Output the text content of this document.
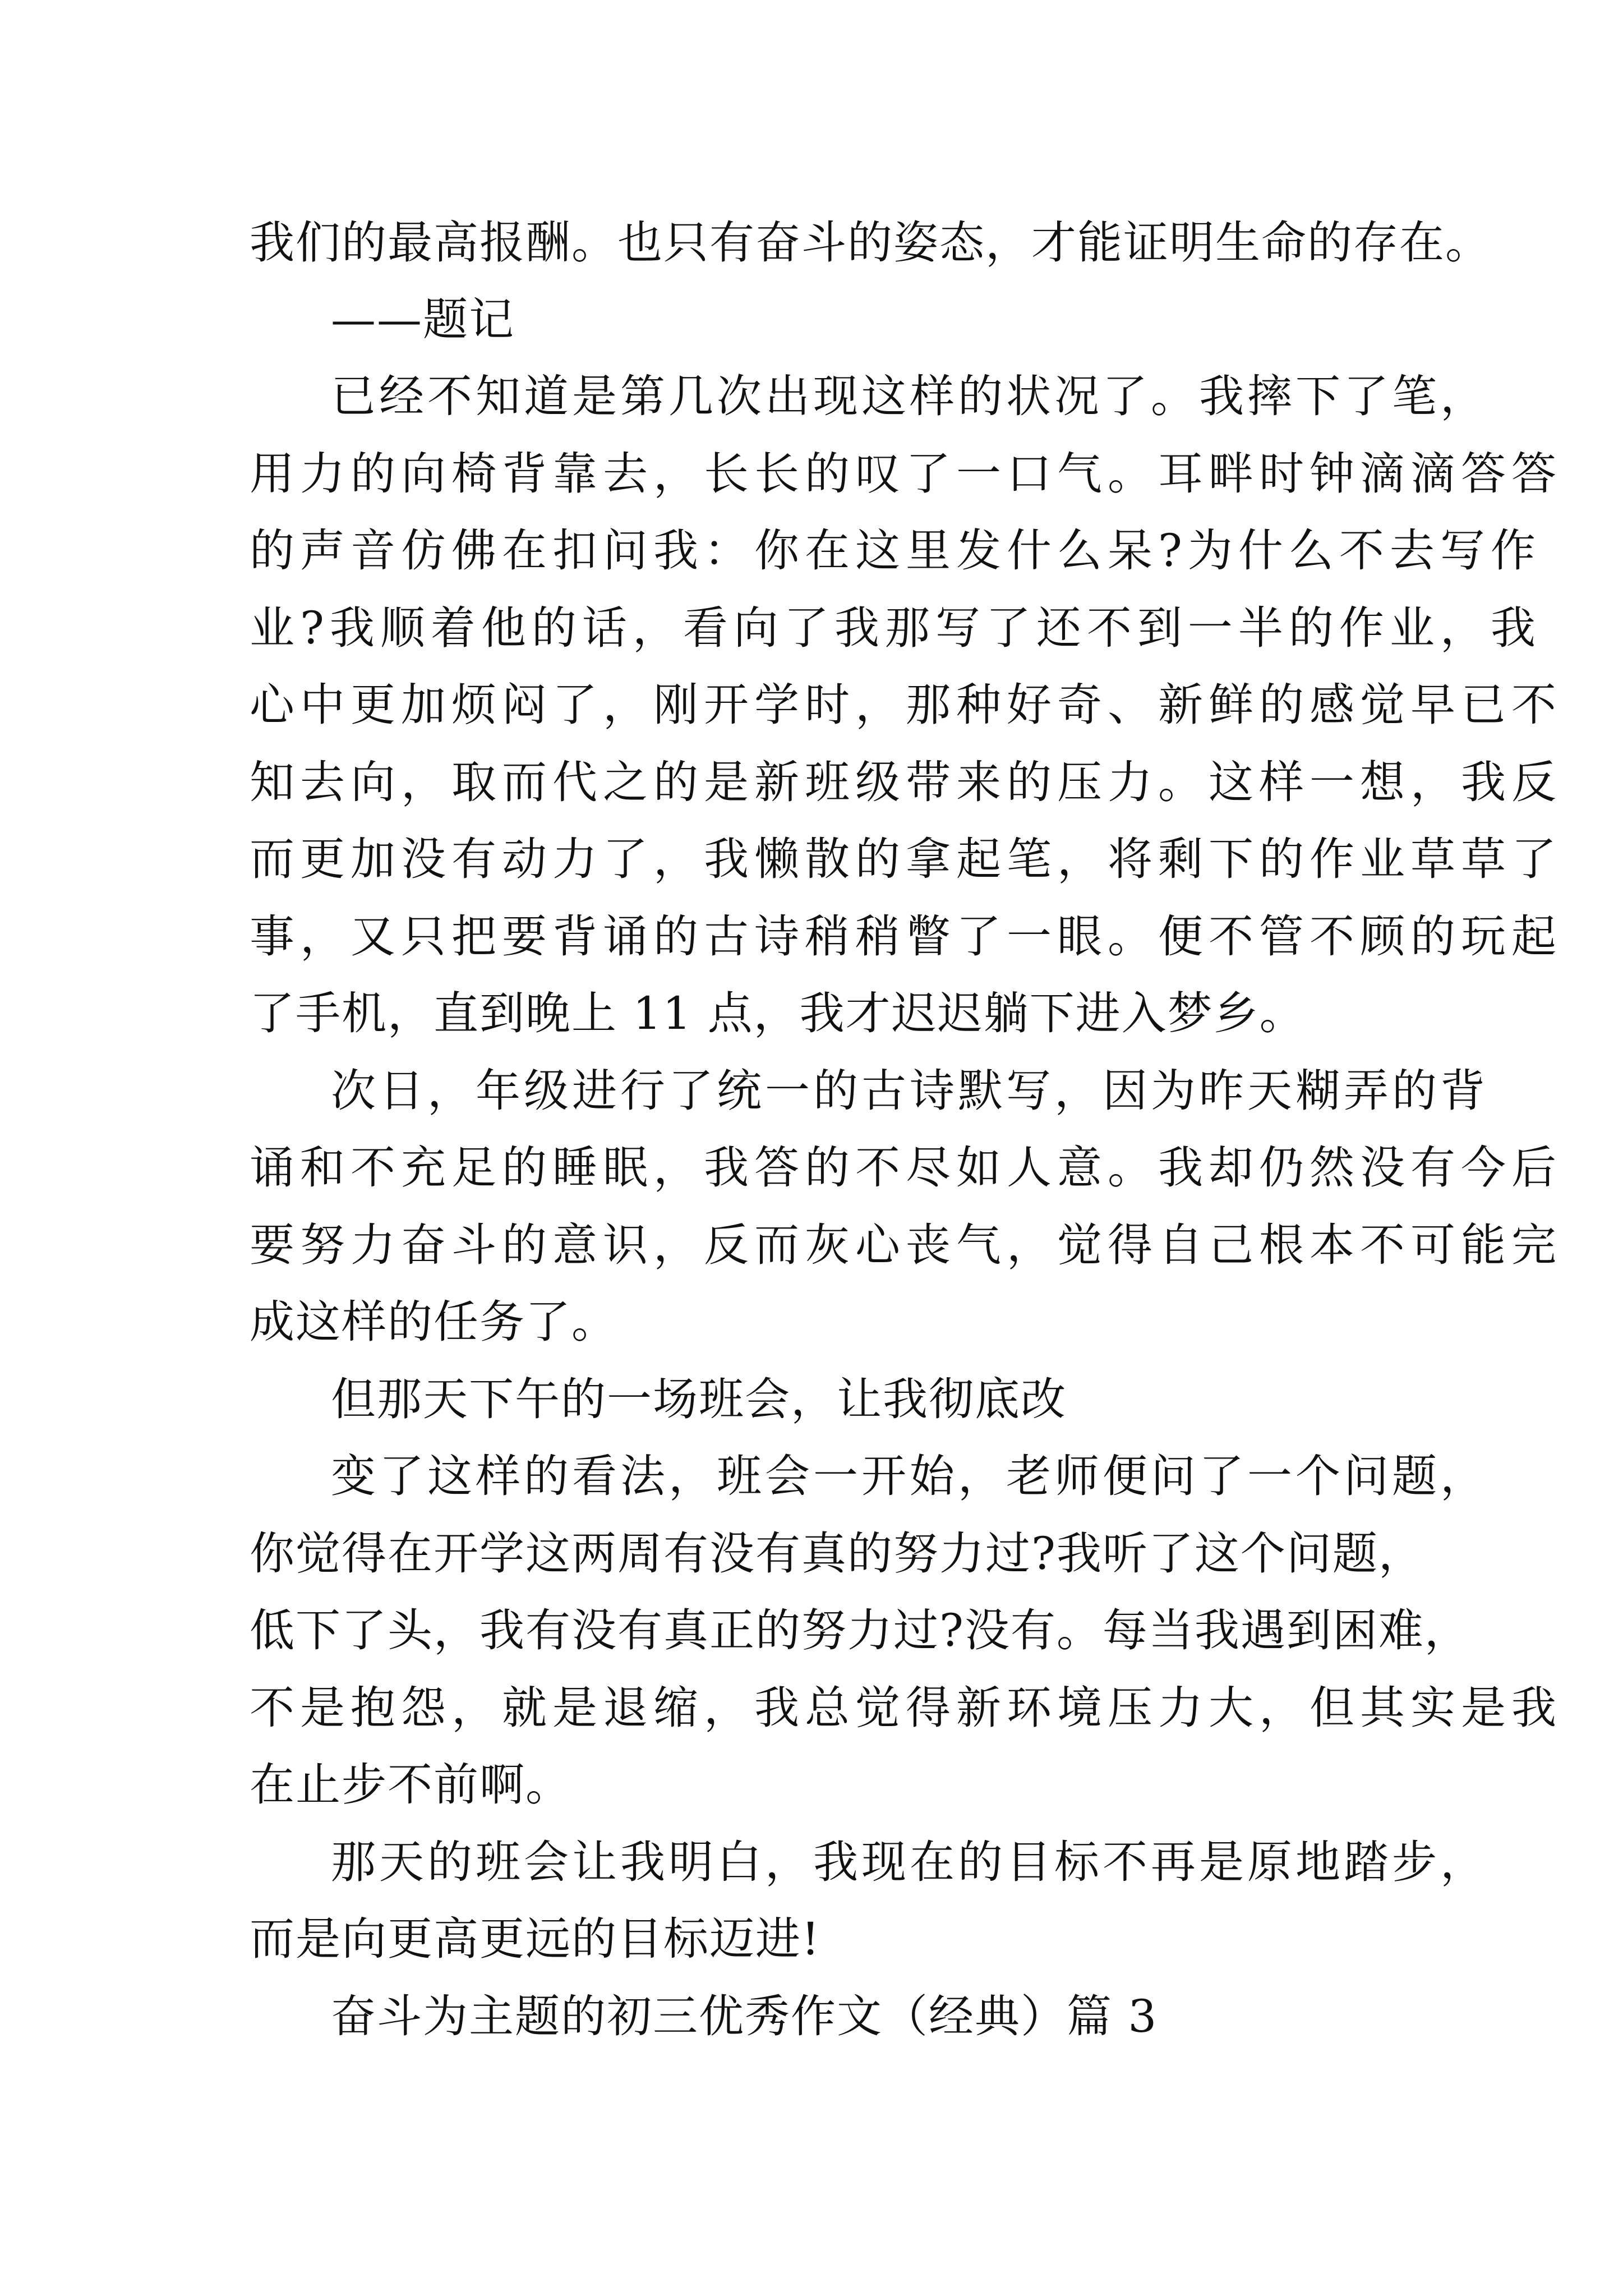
我们的最高报酬。也只有奋斗的姿态，才能证明生命的存在。
——题记
已经不知道是第几次出现这样的状况了。我摔下了笔，
用力的向椅背靠去，长长的叹了一口气。耳畔时钟滴滴答答
的声音仿佛在扣问我：你在这里发什么呆?为什么不去写作
业?我顺着他的话，看向了我那写了还不到一半的作业，我
心中更加烦闷了，刚开学时，那种好奇、新鲜的感觉早已不
知去向，取而代之的是新班级带来的压力。这样一想，我反
而更加没有动力了，我懒散的拿起笔，将剩下的作业草草了
事，又只把要背诵的古诗稍稍瞥了一眼。便不管不顾的玩起
了手机，直到晚上 11 点，我才迟迟躺下进入梦乡。
次日，年级进行了统一的古诗默写，因为昨天糊弄的背
诵和不充足的睡眠，我答的不尽如人意。我却仍然没有今后
要努力奋斗的意识，反而灰心丧气，觉得自己根本不可能完
成这样的任务了。
但那天下午的一场班会，让我彻底改
变了这样的看法，班会一开始，老师便问了一个问题，
你觉得在开学这两周有没有真的努力过?我听了这个问题，
低下了头，我有没有真正的努力过?没有。每当我遇到困难，
不是抱怨，就是退缩，我总觉得新环境压力大，但其实是我
在止步不前啊。
那天的班会让我明白，我现在的目标不再是原地踏步，
而是向更高更远的目标迈进!
奋斗为主题的初三优秀作文（经典）篇 3
